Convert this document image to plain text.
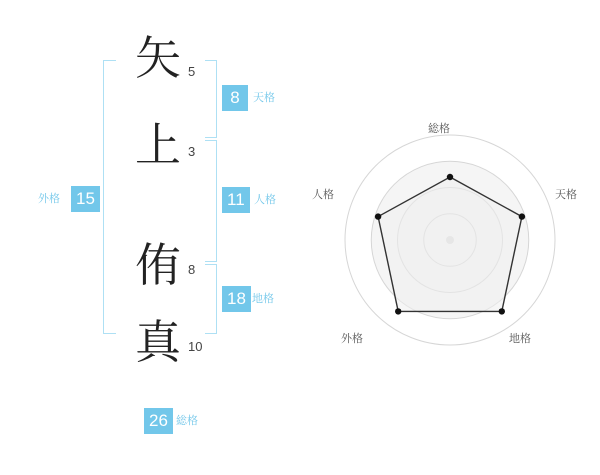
外格 15
矢 5
上 3
侑 8
真 10
8	天格
11 人格
18 地格
26 総格
総格
天格
地格
外格
人格
